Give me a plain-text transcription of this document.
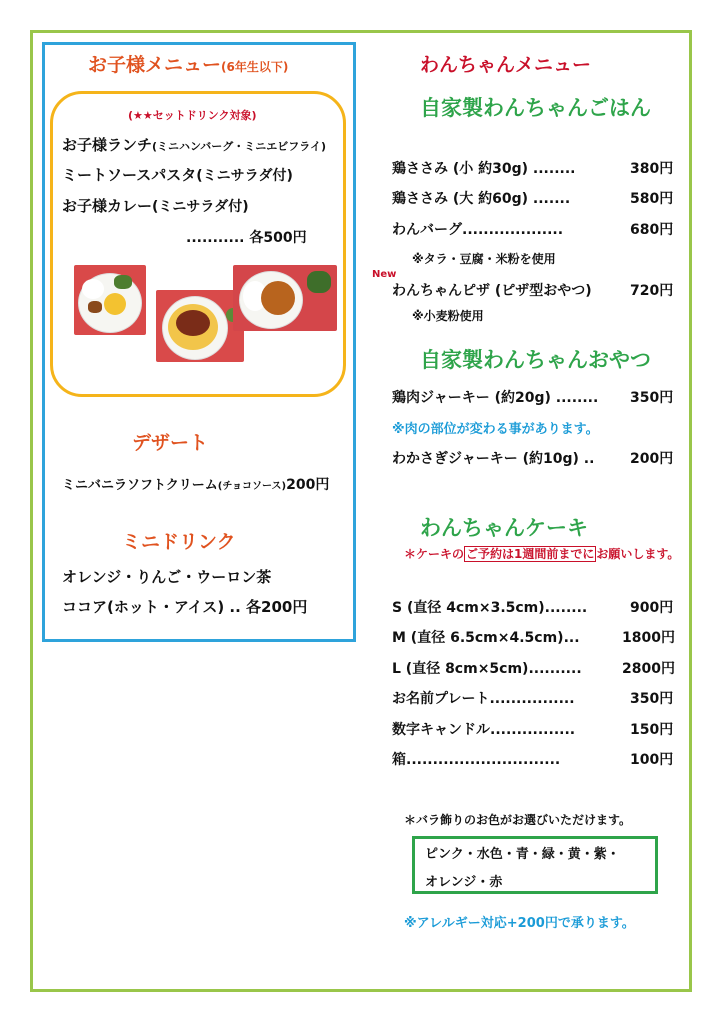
お子様メニュー(6年生以下)
(★★セットドリンク対象)
お子様ランチ(ミニハンバーグ・ミニエビフライ)
ミートソースパスタ(ミニサラダ付)
お子様カレー(ミニサラダ付)
........... 各500円
デザート
ミニバニラソフトクリーム(チョコソース)200円
ミニドリンク
オレンジ・りんご・ウーロン茶
ココア(ホット・アイス) .. 各200円
わんちゃんメニュー
自家製わんちゃんごはん
鶏ささみ (小 約30g) ........	380円
鶏ささみ (大 約60g) .......	580円
わんバーグ...................	680円
※タラ・豆腐・米粉を使用
New
わんちゃんピザ (ピザ型おやつ)	720円
※小麦粉使用
自家製わんちゃんおやつ
鶏肉ジャーキー (約20g) ........ 350円
※肉の部位が変わる事があります。
わかさぎジャーキー (約10g) ..	200円
わんちゃんケーキ
＊ケーキの ご予約は1週間前までに お願いします。
S (直径 4cm×3.5cm)........	900円
M (直径 6.5cm×4.5cm)...	1800円
L (直径 8cm×5cm)..........	2800円
お名前プレート................	350円
数字キャンドル................	150円
箱.............................	100円
＊バラ飾りのお色がお選びいただけます。
ピンク・水色・青・緑・黄・紫・
オレンジ・赤
※アレルギー対応+200円で承ります。
